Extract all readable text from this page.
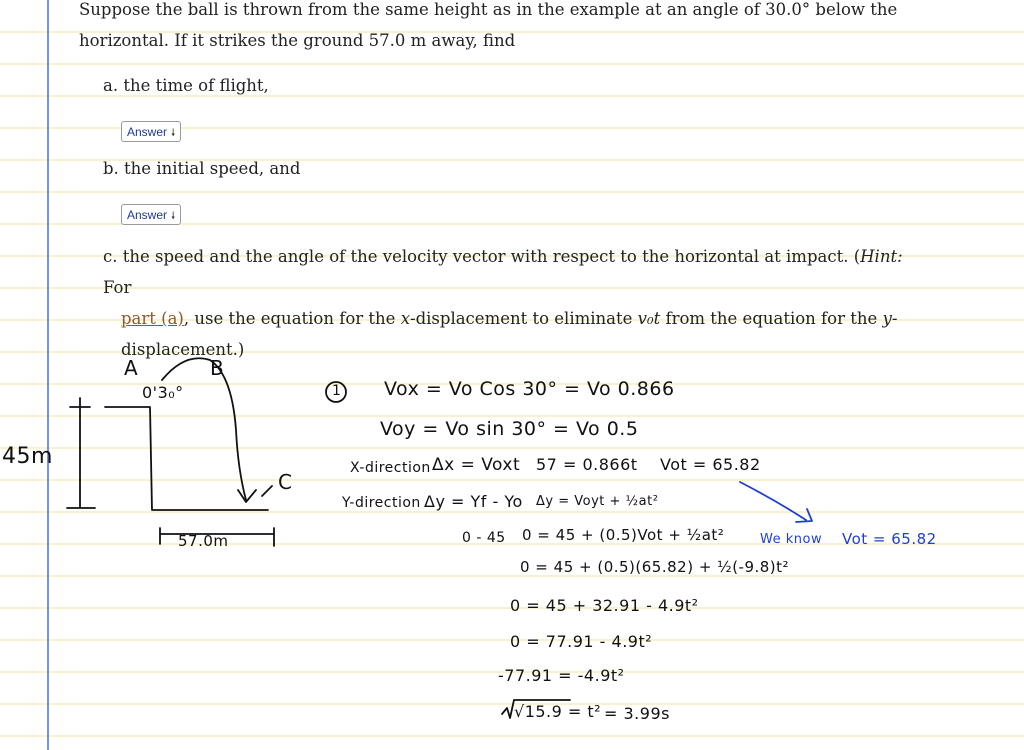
Suppose the ball is thrown from the same height as in the example at an angle of 30.0° below the
horizontal. If it strikes the ground 57.0 m away, find
a. the time of flight,
Answer 🠗
b. the initial speed, and
Answer 🠗
c. the speed and the angle of the velocity vector with respect to the horizontal at impact. (Hint: For
part (a), use the equation for the x-displacement to eliminate v₀t from the equation for the y-
displacement.)
A	B
C
0'3₀°
45m
57.0m
1 Vox = Vo Cos 30° = Vo 0.866
Voy = Vo sin 30° = Vo 0.5
X-direction Δx = Voxt 57 = 0.866t Vot = 65.82
Y-direction Δy = Yf - Yo Δy = Voyt + ½at²
0 - 45 0 = 45 + (0.5)Vot + ½at²	We know Vot = 65.82
0 = 45 + (0.5)(65.82) + ½(-9.8)t²
0 = 45 + 32.91 - 4.9t²
0 = 77.91 - 4.9t²
-77.91 = -4.9t²
√15.9 = t² = 3.99s
